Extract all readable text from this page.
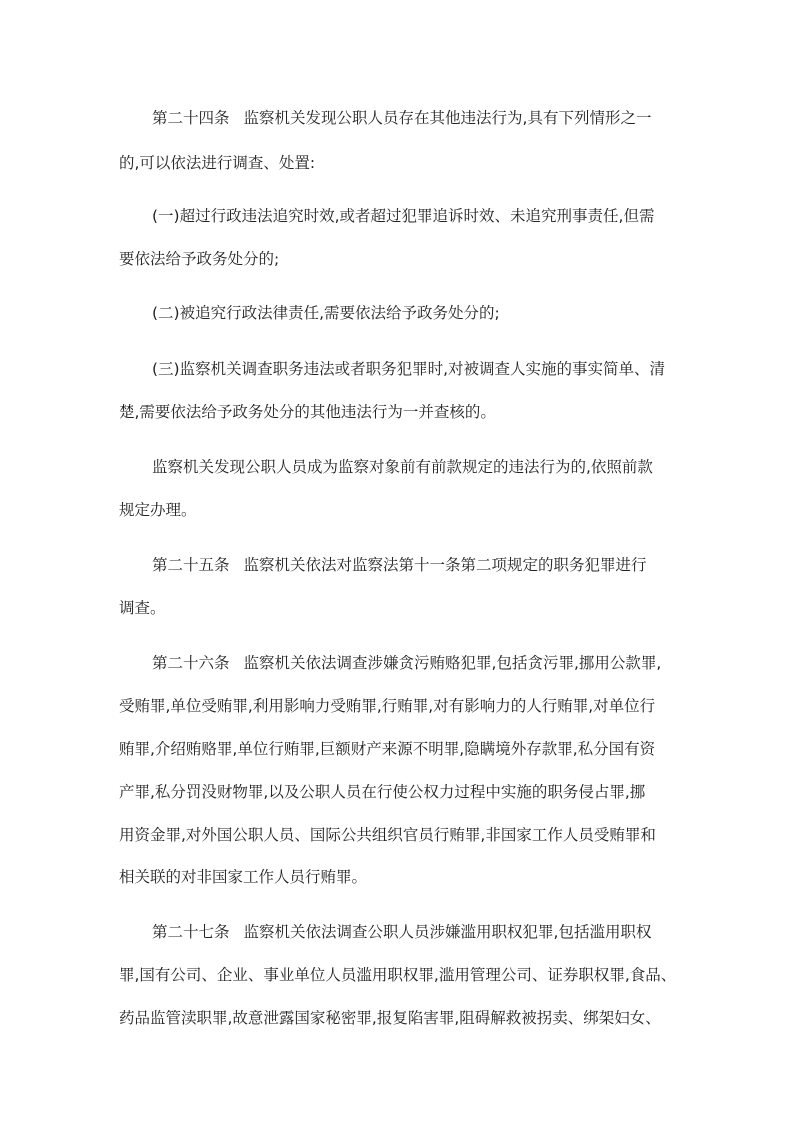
第二十四条 监察机关发现公职人员存在其他违法行为,具有下列情形之一
的,可以依法进行调查、处置:
(一)超过行政违法追究时效,或者超过犯罪追诉时效、未追究刑事责任,但需
要依法给予政务处分的;
(二)被追究行政法律责任,需要依法给予政务处分的;
(三)监察机关调查职务违法或者职务犯罪时,对被调查人实施的事实简单、清
楚,需要依法给予政务处分的其他违法行为一并查核的。
监察机关发现公职人员成为监察对象前有前款规定的违法行为的,依照前款
规定办理。
第二十五条 监察机关依法对监察法第十一条第二项规定的职务犯罪进行
调查。
第二十六条 监察机关依法调查涉嫌贪污贿赂犯罪,包括贪污罪,挪用公款罪,
受贿罪,单位受贿罪,利用影响力受贿罪,行贿罪,对有影响力的人行贿罪,对单位行
贿罪,介绍贿赂罪,单位行贿罪,巨额财产来源不明罪,隐瞒境外存款罪,私分国有资
产罪,私分罚没财物罪,以及公职人员在行使公权力过程中实施的职务侵占罪,挪
用资金罪,对外国公职人员、国际公共组织官员行贿罪,非国家工作人员受贿罪和
相关联的对非国家工作人员行贿罪。
第二十七条 监察机关依法调查公职人员涉嫌滥用职权犯罪,包括滥用职权
罪,国有公司、企业、事业单位人员滥用职权罪,滥用管理公司、证券职权罪,食品、
药品监管渎职罪,故意泄露国家秘密罪,报复陷害罪,阻碍解救被拐卖、绑架妇女、
